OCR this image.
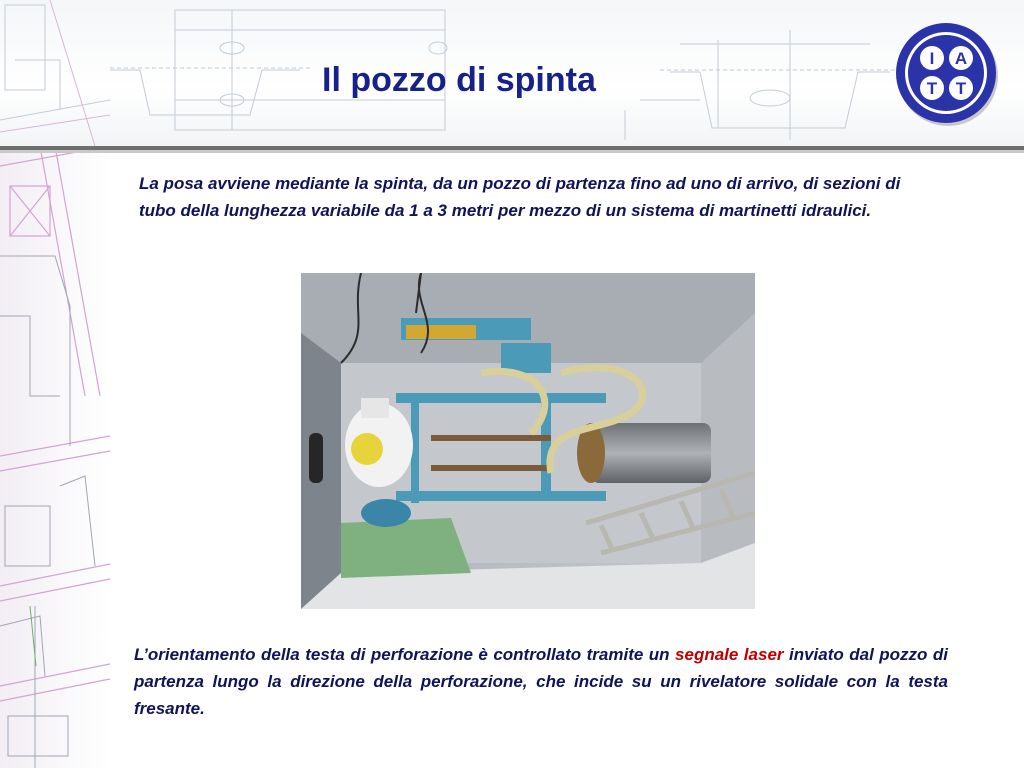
Il pozzo di spinta
I A
T T

La posa avviene mediante la spinta, da un pozzo di partenza fino ad uno di arrivo, di sezioni di tubo della lunghezza variabile da 1 a 3 metri per mezzo di un sistema di martinetti idraulici.

L’orientamento della testa di perforazione è controllato tramite un segnale laser inviato dal pozzo di partenza lungo la direzione della perforazione, che incide su un rivelatore solidale con la testa fresante.
